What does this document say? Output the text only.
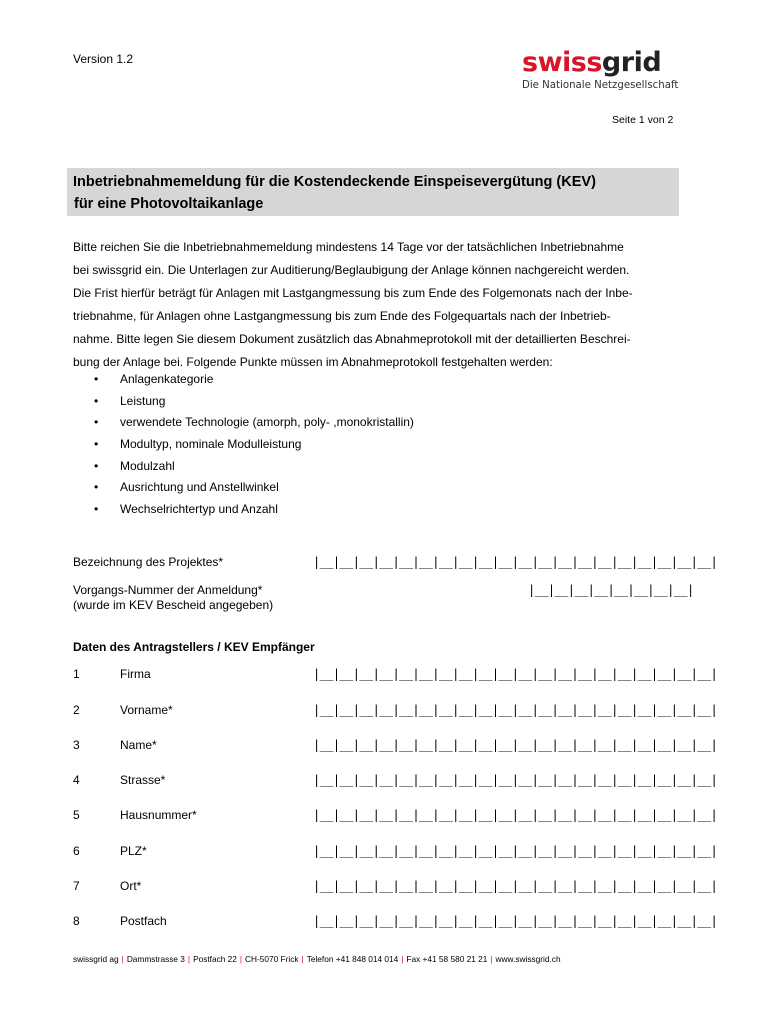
Version 1.2	swissgrid
Die Nationale Netzgesellschaft
Seite 1 von 2
Inbetriebnahmemeldung für die Kostendeckende Einspeisevergütung (KEV)
für eine Photovoltaikanlage
Bitte reichen Sie die Inbetriebnahmemeldung mindestens 14 Tage vor der tatsächlichen Inbetriebnahme
bei swissgrid ein. Die Unterlagen zur Auditierung/Beglaubigung der Anlage können nachgereicht werden.
Die Frist hierfür beträgt für Anlagen mit Lastgangmessung bis zum Ende des Folgemonats nach der Inbe-
triebnahme, für Anlagen ohne Lastgangmessung bis zum Ende des Folgequartals nach der Inbetrieb-
nahme. Bitte legen Sie diesem Dokument zusätzlich das Abnahmeprotokoll mit der detaillierten Beschrei-
bung der Anlage bei. Folgende Punkte müssen im Abnahmeprotokoll festgehalten werden:
• Anlagenkategorie
• Leistung
• verwendete Technologie (amorph, poly- ,monokristallin)
• Modultyp, nominale Modulleistung
• Modulzahl
• Ausrichtung und Anstellwinkel
• Wechselrichtertyp und Anzahl
Bezeichnung des Projektes*	|__|__|__|__|__|__|__|__|__|__|__|__|__|__|__|__|__|__|__|__|
Vorgangs-Nummer der Anmeldung*
(wurde im KEV Bescheid angegeben)
|__|__|__|__|__|__|__|__|
Daten des Antragstellers / KEV Empfänger
1	Firma	|__|__|__|__|__|__|__|__|__|__|__|__|__|__|__|__|__|__|__|__|
2	Vorname*	|__|__|__|__|__|__|__|__|__|__|__|__|__|__|__|__|__|__|__|__|
3	Name*	|__|__|__|__|__|__|__|__|__|__|__|__|__|__|__|__|__|__|__|__|
4	Strasse*	|__|__|__|__|__|__|__|__|__|__|__|__|__|__|__|__|__|__|__|__|
5	Hausnummer*	|__|__|__|__|__|__|__|__|__|__|__|__|__|__|__|__|__|__|__|__|
6	PLZ*	|__|__|__|__|__|__|__|__|__|__|__|__|__|__|__|__|__|__|__|__|
7	Ort*	|__|__|__|__|__|__|__|__|__|__|__|__|__|__|__|__|__|__|__|__|
8	Postfach	|__|__|__|__|__|__|__|__|__|__|__|__|__|__|__|__|__|__|__|__|
swissgrid ag | Dammstrasse 3 | Postfach 22 | CH-5070 Frick | Telefon +41 848 014 014 | Fax +41 58 580 21 21 | www.swissgrid.ch
